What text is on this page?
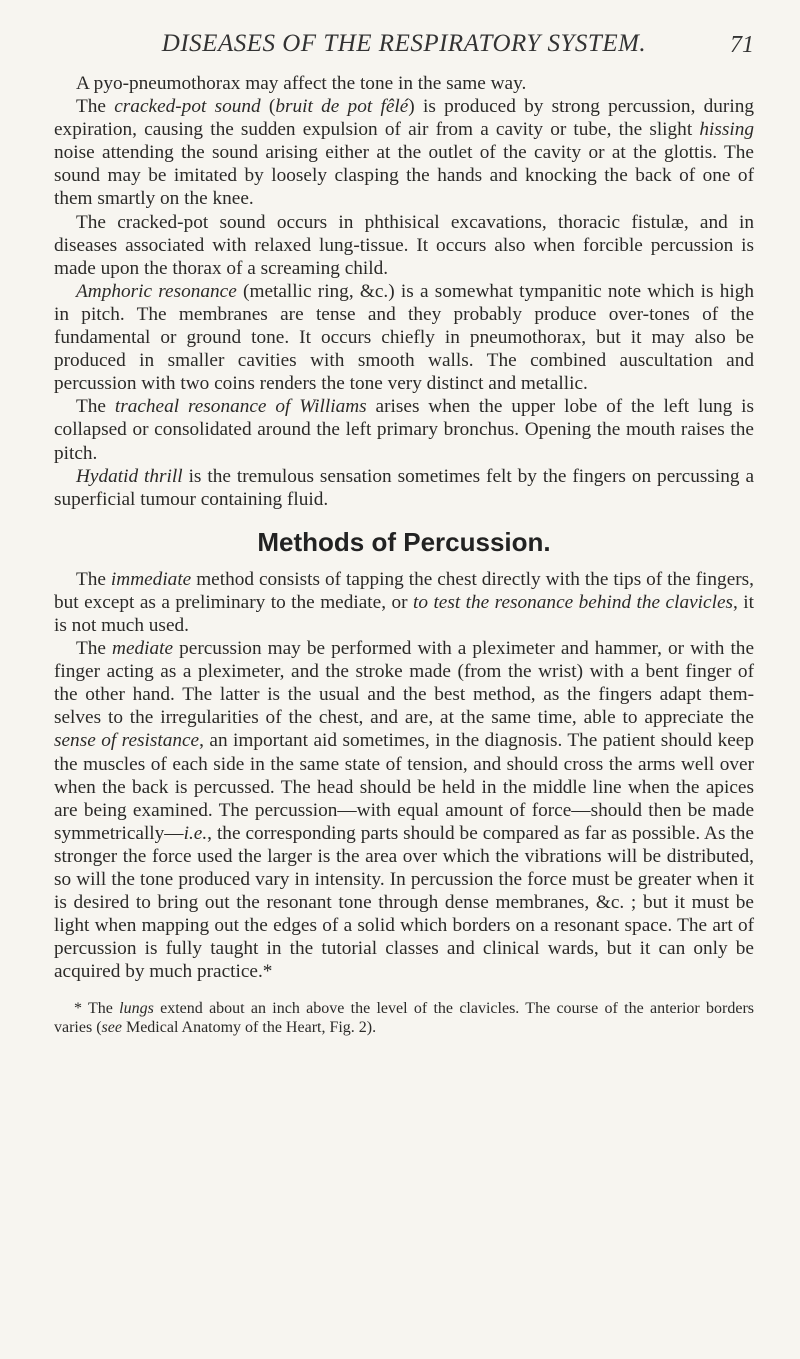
DISEASES OF THE RESPIRATORY SYSTEM.	71

A pyo-pneumothorax may affect the tone in the same way.

The cracked-pot sound (bruit de pot fêlé) is produced by strong percussion, during expiration, causing the sudden expulsion of air from a cavity or tube, the slight hissing noise attending the sound arising either at the outlet of the cavity or at the glottis. The sound may be imitated by loosely clasping the hands and knocking the back of one of them smartly on the knee.

The cracked-pot sound occurs in phthisical excavations, thoracic fistulæ, and in diseases associated with relaxed lung-tissue. It occurs also when forcible percussion is made upon the thorax of a screaming child.

Amphoric resonance (metallic ring, &c.) is a somewhat tympanitic note which is high in pitch. The membranes are tense and they probably produce over-tones of the fundamental or ground tone. It occurs chiefly in pneumothorax, but it may also be produced in smaller cavities with smooth walls. The combined auscultation and percussion with two coins renders the tone very distinct and metallic.

The tracheal resonance of Williams arises when the upper lobe of the left lung is collapsed or consolidated around the left primary bronchus. Opening the mouth raises the pitch.

Hydatid thrill is the tremulous sensation sometimes felt by the fingers on percussing a superficial tumour containing fluid.

Methods of Percussion.

The immediate method consists of tapping the chest directly with the tips of the fingers, but except as a preliminary to the mediate, or to test the resonance behind the clavicles, it is not much used.

The mediate percussion may be performed with a pleximeter and hammer, or with the finger acting as a pleximeter, and the stroke made (from the wrist) with a bent finger of the other hand. The latter is the usual and the best method, as the fingers adapt them-selves to the irregularities of the chest, and are, at the same time, able to appreciate the sense of resistance, an important aid sometimes, in the diagnosis. The patient should keep the muscles of each side in the same state of tension, and should cross the arms well over when the back is percussed. The head should be held in the middle line when the apices are being examined. The percussion—with equal amount of force—should then be made symmetrically—i.e., the corresponding parts should be compared as far as possible. As the stronger the force used the larger is the area over which the vibrations will be distributed, so will the tone produced vary in intensity. In percussion the force must be greater when it is desired to bring out the resonant tone through dense membranes, &c. ; but it must be light when mapping out the edges of a solid which borders on a resonant space. The art of percussion is fully taught in the tutorial classes and clinical wards, but it can only be acquired by much practice.*

* The lungs extend about an inch above the level of the clavicles. The course of the anterior borders varies (see Medical Anatomy of the Heart, Fig. 2).
